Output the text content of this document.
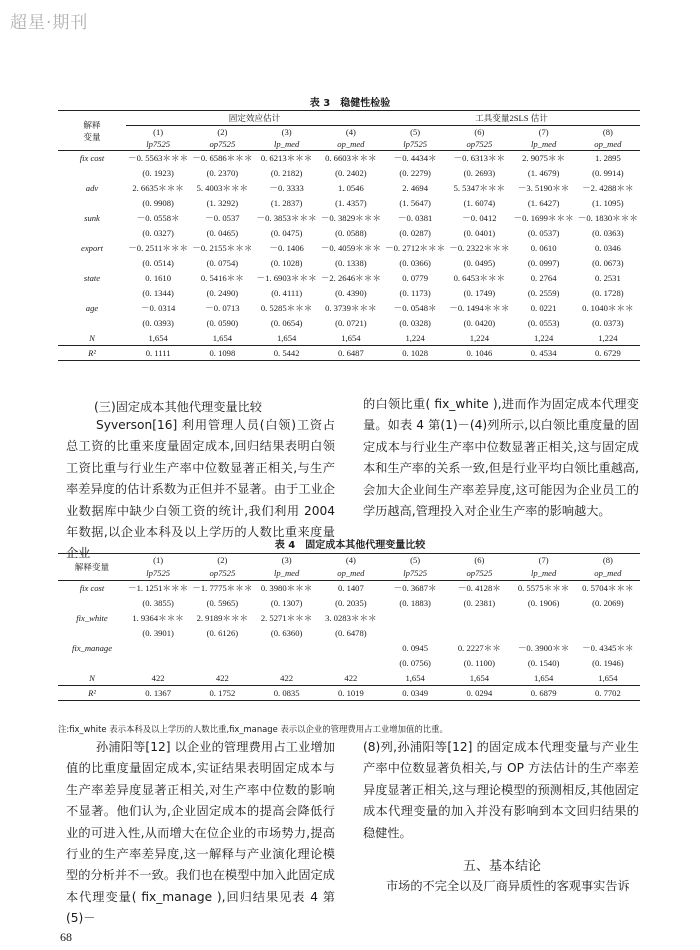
超星·期刊
表 3　稳健性检验
解释
变量	固定效应估计				工具变量2SLS 估计			
	(1)	(2)	(3)	(4)	(5)	(6)	(7)	(8)
	lp7525	op7525	lp_med	op_med	lp7525	op7525	lp_med	op_med
fix cost	－0. 5563＊＊＊	－0. 6586＊＊＊	0. 6213＊＊＊	0. 6603＊＊＊	－0. 4434＊	－0. 6313＊＊	2. 9075＊＊	1. 2895
	(0. 1923)	(0. 2370)	(0. 2182)	(0. 2402)	(0. 2279)	(0. 2693)	(1. 4679)	(0. 9914)
adv	2. 6635＊＊＊	5. 4003＊＊＊	－0. 3333	1. 0546	2. 4694	5. 5347＊＊＊	－3. 5190＊＊	－2. 4288＊＊
	(0. 9908)	(1. 3292)	(1. 2837)	(1. 4357)	(1. 5647)	(1. 6074)	(1. 6427)	(1. 1095)
sunk	－0. 0558＊	－0. 0537	－0. 3853＊＊＊	－0. 3829＊＊＊	－0. 0381	－0. 0412	－0. 1699＊＊＊	－0. 1830＊＊＊
	(0. 0327)	(0. 0465)	(0. 0475)	(0. 0588)	(0. 0287)	(0. 0401)	(0. 0537)	(0. 0363)
export	－0. 2511＊＊＊	－0. 2155＊＊＊	－0. 1406	－0. 4059＊＊＊	－0. 2712＊＊＊	－0. 2322＊＊＊	0. 0610	0. 0346
	(0. 0514)	(0. 0754)	(0. 1028)	(0. 1338)	(0. 0366)	(0. 0495)	(0. 0997)	(0. 0673)
state	0. 1610	0. 5416＊＊	－1. 6903＊＊＊	－2. 2646＊＊＊	0. 0779	0. 6453＊＊＊	0. 2764	0. 2531
	(0. 1344)	(0. 2490)	(0. 4111)	(0. 4390)	(0. 1173)	(0. 1749)	(0. 2559)	(0. 1728)
age	－0. 0314	－0. 0713	0. 5285＊＊＊	0. 3739＊＊＊	－0. 0548＊	－0. 1494＊＊＊	0. 0221	0. 1040＊＊＊
	(0. 0393)	(0. 0590)	(0. 0654)	(0. 0721)	(0. 0328)	(0. 0420)	(0. 0553)	(0. 0373)
N	1,654	1,654	1,654	1,654	1,224	1,224	1,224	1,224
R²	0. 1111	0. 1098	0. 5442	0. 6487	0. 1028	0. 1046	0. 4534	0. 6729
(三)固定成本其他代理变量比较

Syverson[16] 利用管理人员(白领)工资占总工资的比重来度量固定成本,回归结果表明白领工资比重与行业生产率中位数显著正相关,与生产率差异度的估计系数为正但并不显著。由于工业企业数据库中缺少白领工资的统计,我们利用 2004 年数据,以企业本科及以上学历的人数比重来度量企业

的白领比重( fix_white ),进而作为固定成本代理变量。如表 4 第(1)－(4)列所示,以白领比重度量的固定成本与行业生产率中位数显著正相关,这与固定成本和生产率的关系一致,但是行业平均白领比重越高,会加大企业间生产率差异度,这可能因为企业员工的学历越高,管理投入对企业生产率的影响越大。

表 4　固定成本其他代理变量比较
解释变量	(1)	(2)	(3)	(4)	(5)	(6)	(7)	(8)
	lp7525	op7525	lp_med	op_med	lp7525	op7525	lp_med	op_med
fix cost	－1. 1251＊＊＊	－1. 7775＊＊＊	0. 3980＊＊＊	0. 1407	－0. 3687＊	－0. 4128＊	0. 5575＊＊＊	0. 5704＊＊＊
	(0. 3855)	(0. 5965)	(0. 1307)	(0. 2035)	(0. 1883)	(0. 2381)	(0. 1906)	(0. 2069)
fix_white	1. 9364＊＊＊	2. 9189＊＊＊	2. 5271＊＊＊	3. 0283＊＊＊				
	(0. 3901)	(0. 6126)	(0. 6360)	(0. 6478)				
fix_manage					0. 0945	0. 2227＊＊	－0. 3900＊＊	－0. 4345＊＊
					(0. 0756)	(0. 1100)	(0. 1540)	(0. 1946)
N	422	422	422	422	1,654	1,654	1,654	1,654
R²	0. 1367	0. 1752	0. 0835	0. 1019	0. 0349	0. 0294	0. 6879	0. 7702
注:fix_white 表示本科及以上学历的人数比重,fix_manage 表示以企业的管理费用占工业增加值的比重。

孙浦阳等[12] 以企业的管理费用占工业增加值的比重度量固定成本,实证结果表明固定成本与生产率差异度显著正相关,对生产率中位数的影响不显著。他们认为,企业固定成本的提高会降低行业的可进入性,从而增大在位企业的市场势力,提高行业的生产率差异度,这一解释与产业演化理论模型的分析并不一致。我们也在模型中加入此固定成本代理变量( fix_manage ),回归结果见表 4 第(5)－

(8)列,孙浦阳等[12] 的固定成本代理变量与产业生产率中位数显著负相关,与 OP 方法估计的生产率差异度显著正相关,这与理论模型的预测相反,其他固定成本代理变量的加入并没有影响到本文回归结果的稳健性。

五、基本结论

市场的不完全以及厂商异质性的客观事实告诉

68
